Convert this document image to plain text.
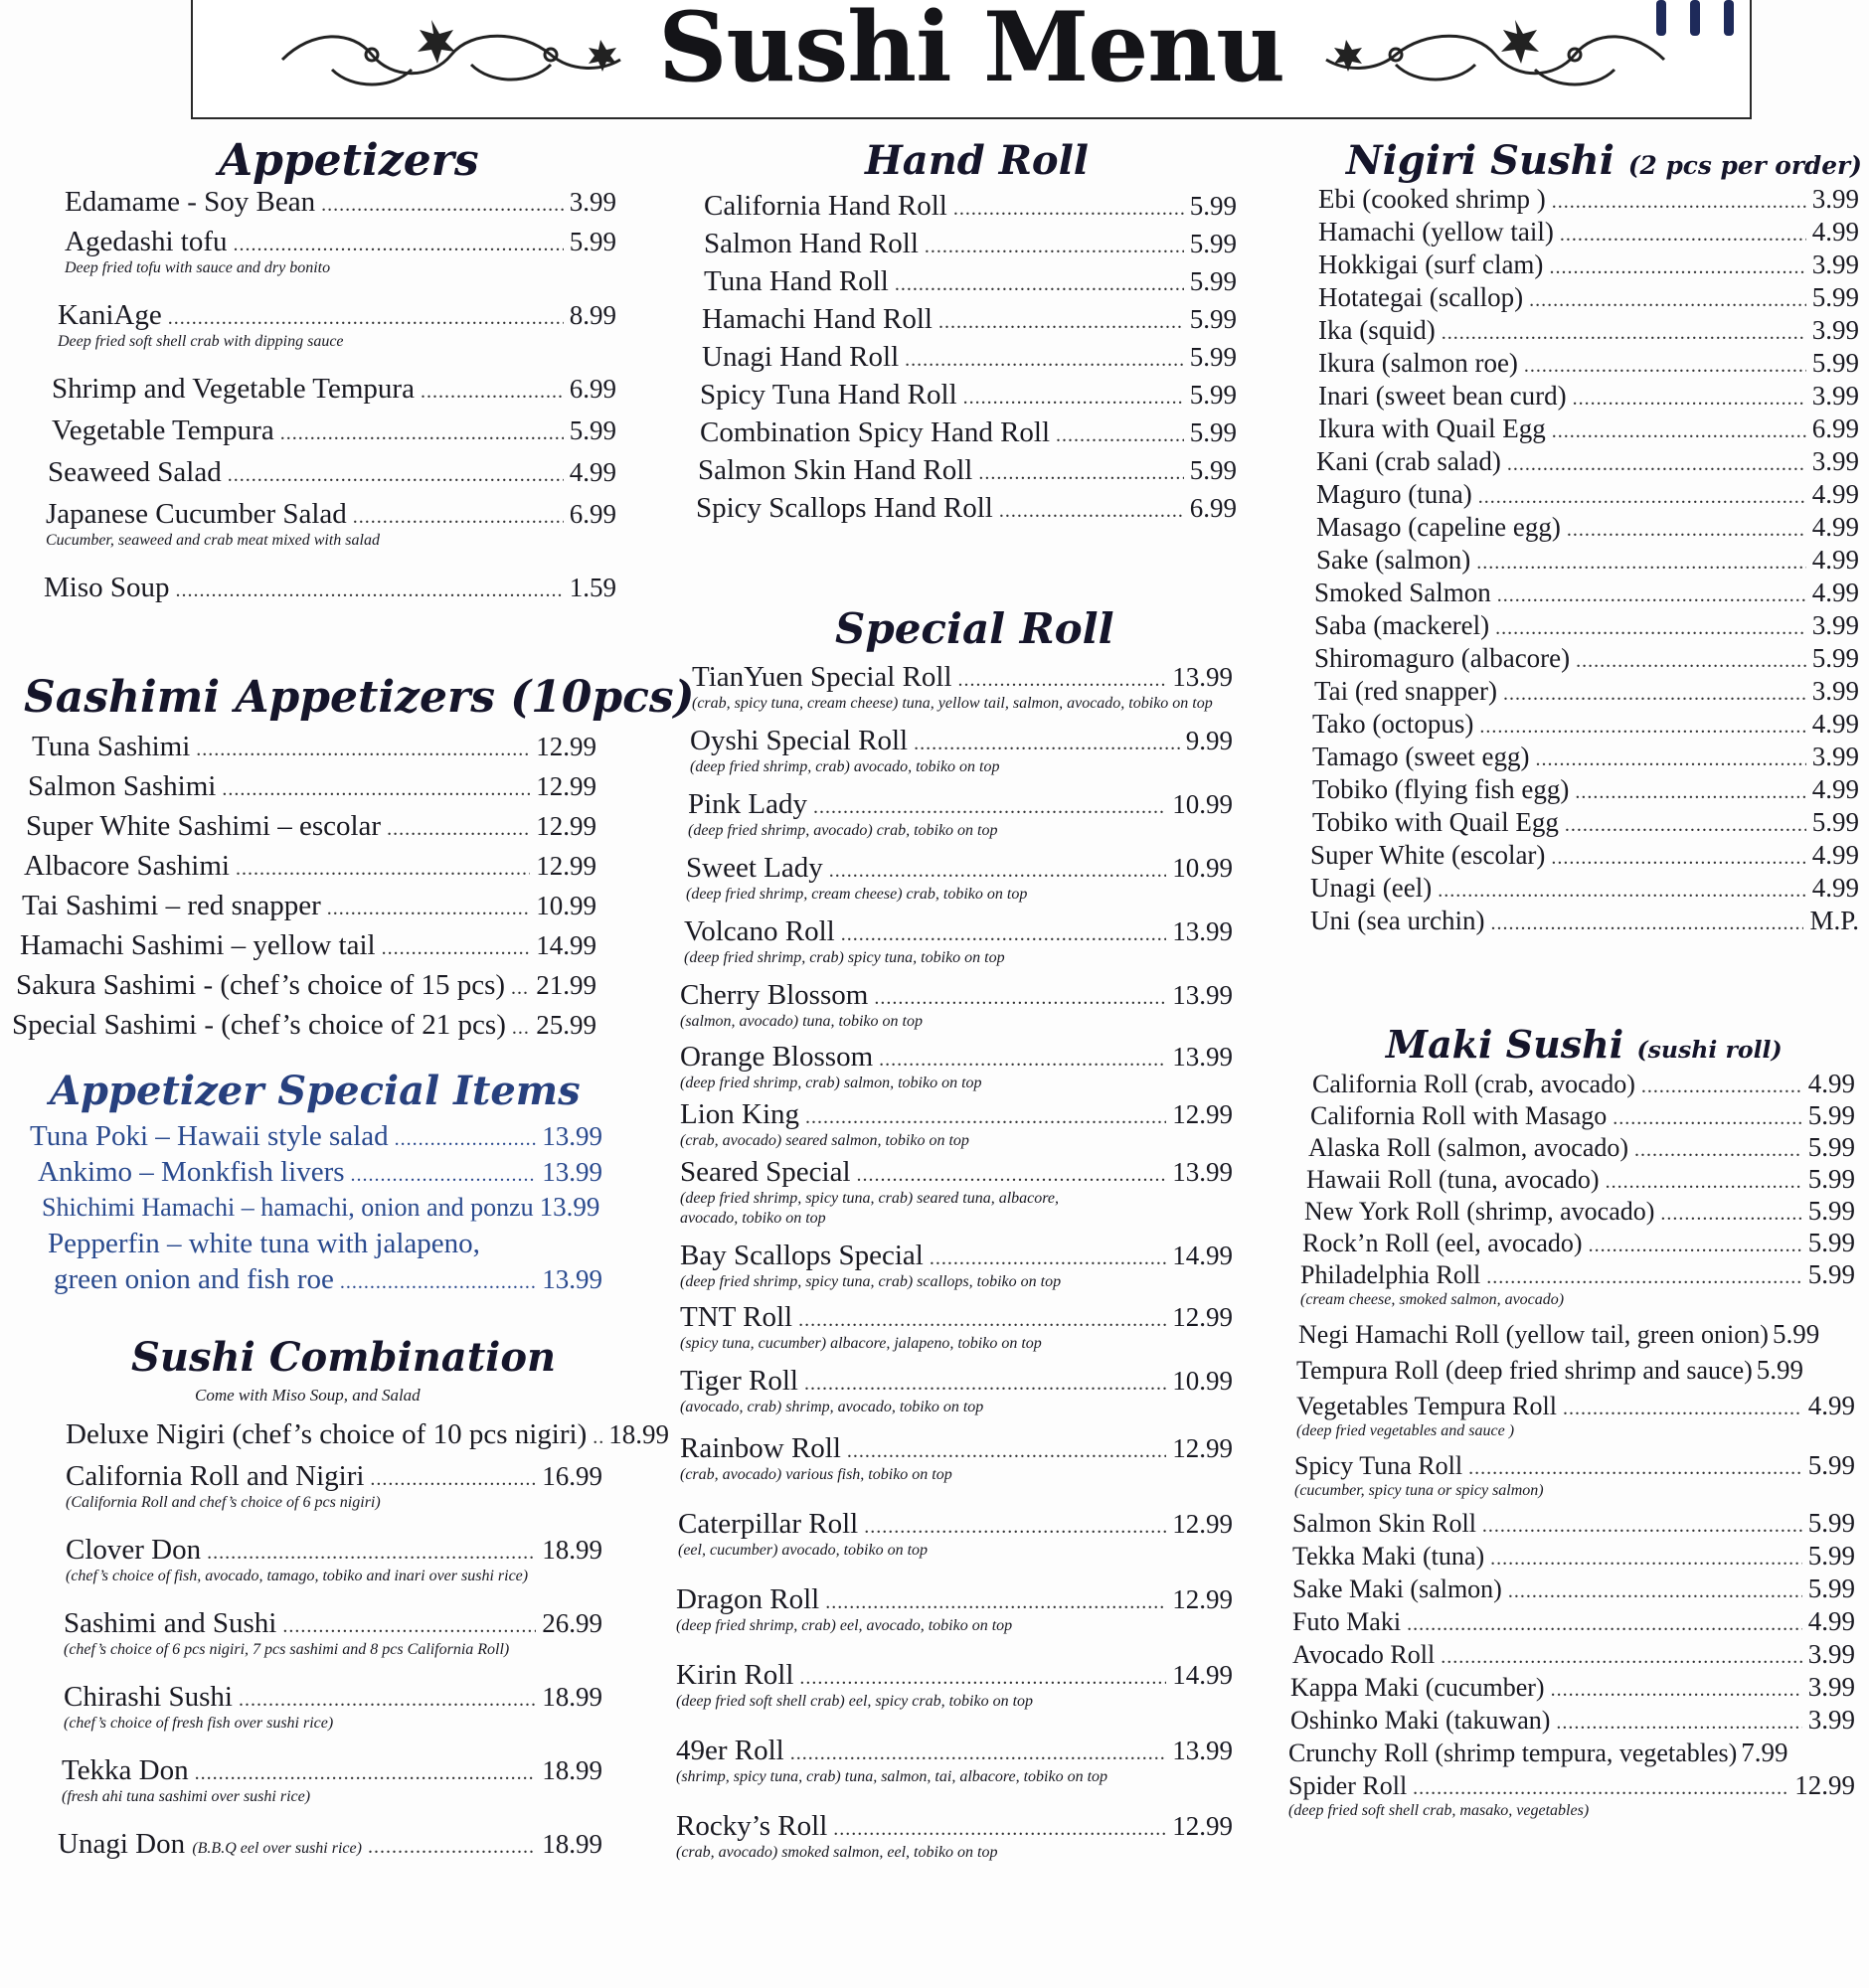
Sushi Menu
Appetizers
Edamame - Soy Bean .....	3.99
Agedashi tofu .....	5.99
Deep fried tofu with sauce and dry bonito
KaniAge .....	8.99
Deep fried soft shell crab with dipping sauce
Shrimp and Vegetable Tempura .....	6.99
Vegetable Tempura .....	5.99
Seaweed Salad .....	4.99
Japanese Cucumber Salad .....	6.99
Cucumber, seaweed and crab meat mixed with salad
Miso Soup .....	1.59
Sashimi Appetizers (10pcs)
Tuna Sashimi .....	12.99
Salmon Sashimi .....	12.99
Super White Sashimi – escolar .....	12.99
Albacore Sashimi .....	12.99
Tai Sashimi – red snapper .....	10.99
Hamachi Sashimi – yellow tail .....	14.99
Sakura Sashimi - (chef’s choice of 15 pcs) ..... 21.99
Special Sashimi - (chef’s choice of 21 pcs) ..... 25.99
Appetizer Special Items
Tuna Poki – Hawaii style salad .....	13.99
Ankimo – Monkfish livers .....	13.99
Shichimi Hamachi – hamachi, onion and ponzu 13.99
Pepperfin – white tuna with jalapeno,
green onion and fish roe .....	13.99
Sushi Combination
Come with Miso Soup, and Salad
Deluxe Nigiri (chef’s choice of 10 pcs nigiri) ..... 18.99
California Roll and Nigiri .....	16.99
(California Roll and chef’s choice of 6 pcs nigiri)
Clover Don .....	18.99
(chef’s choice of fish, avocado, tamago, tobiko and inari over sushi rice)
Sashimi and Sushi .....	26.99
(chef’s choice of 6 pcs nigiri, 7 pcs sashimi and 8 pcs California Roll)
Chirashi Sushi .....	18.99
(chef’s choice of fresh fish over sushi rice)
Tekka Don .....	18.99
(fresh ahi tuna sashimi over sushi rice)
Unagi Don (B.B.Q eel over sushi rice) .....	18.99
Hand Roll
California Hand Roll .....	5.99
Salmon Hand Roll .....	5.99
Tuna Hand Roll .....	5.99
Hamachi Hand Roll .....	5.99
Unagi Hand Roll .....	5.99
Spicy Tuna Hand Roll .....	5.99
Combination Spicy Hand Roll .....	5.99
Salmon Skin Hand Roll .....	5.99
Spicy Scallops Hand Roll .....	6.99
Special Roll
TianYuen Special Roll .....	13.99
(crab, spicy tuna, cream cheese) tuna, yellow tail, salmon, avocado, tobiko on top
Oyshi Special Roll .....	9.99
(deep fried shrimp, crab) avocado, tobiko on top
Pink Lady .....	10.99
(deep fried shrimp, avocado) crab, tobiko on top
Sweet Lady .....	10.99
(deep fried shrimp, cream cheese) crab, tobiko on top
Volcano Roll .....	13.99
(deep fried shrimp, crab) spicy tuna, tobiko on top
Cherry Blossom .....	13.99
(salmon, avocado) tuna, tobiko on top
Orange Blossom .....	13.99
(deep fried shrimp, crab) salmon, tobiko on top
Lion King .....	12.99
(crab, avocado) seared salmon, tobiko on top
Seared Special .....	13.99
(deep fried shrimp, spicy tuna, crab) seared tuna, albacore,
avocado, tobiko on top
Bay Scallops Special .....	14.99
(deep fried shrimp, spicy tuna, crab) scallops, tobiko on top
TNT Roll .....	12.99
(spicy tuna, cucumber) albacore, jalapeno, tobiko on top
Tiger Roll .....	10.99
(avocado, crab) shrimp, avocado, tobiko on top
Rainbow Roll .....	12.99
(crab, avocado) various fish, tobiko on top
Caterpillar Roll .....	12.99
(eel, cucumber) avocado, tobiko on top
Dragon Roll .....	12.99
(deep fried shrimp, crab) eel, avocado, tobiko on top
Kirin Roll .....	14.99
(deep fried soft shell crab) eel, spicy crab, tobiko on top
49er Roll .....	13.99
(shrimp, spicy tuna, crab) tuna, salmon, tai, albacore, tobiko on top
Rocky’s Roll .....	12.99
(crab, avocado) smoked salmon, eel, tobiko on top
Nigiri Sushi (2 pcs per order)
Ebi (cooked shrimp ) .....	3.99
Hamachi (yellow tail) .....	4.99
Hokkigai (surf clam) .....	3.99
Hotategai (scallop) .....	5.99
Ika (squid) .....	3.99
Ikura (salmon roe) .....	5.99
Inari (sweet bean curd) .....	3.99
Ikura with Quail Egg .....	6.99
Kani (crab salad) .....	3.99
Maguro (tuna) .....	4.99
Masago (capeline egg) .....	4.99
Sake (salmon) .....	4.99
Smoked Salmon .....	4.99
Saba (mackerel) .....	3.99
Shiromaguro (albacore) .....	5.99
Tai (red snapper) .....	3.99
Tako (octopus) .....	4.99
Tamago (sweet egg) .....	3.99
Tobiko (flying fish egg) .....	4.99
Tobiko with Quail Egg .....	5.99
Super White (escolar) .....	4.99
Unagi (eel) .....	4.99
Uni (sea urchin) .....	M.P.
Maki Sushi (sushi roll)
California Roll (crab, avocado) .....	4.99
California Roll with Masago .....	5.99
Alaska Roll (salmon, avocado) .....	5.99
Hawaii Roll (tuna, avocado) .....	5.99
New York Roll (shrimp, avocado) .....	5.99
Rock’n Roll (eel, avocado) .....	5.99
Philadelphia Roll .....	5.99
(cream cheese, smoked salmon, avocado)
Negi Hamachi Roll (yellow tail, green onion) 5.99
Tempura Roll (deep fried shrimp and sauce) 5.99
Vegetables Tempura Roll .....	4.99
(deep fried vegetables and sauce )
Spicy Tuna Roll .....	5.99
(cucumber, spicy tuna or spicy salmon)
Salmon Skin Roll .....	5.99
Tekka Maki (tuna) .....	5.99
Sake Maki (salmon) .....	5.99
Futo Maki .....	4.99
Avocado Roll .....	3.99
Kappa Maki (cucumber) .....	3.99
Oshinko Maki (takuwan) .....	3.99
Crunchy Roll (shrimp tempura, vegetables) 7.99
Spider Roll .....	12.99
(deep fried soft shell crab, masako, vegetables)
